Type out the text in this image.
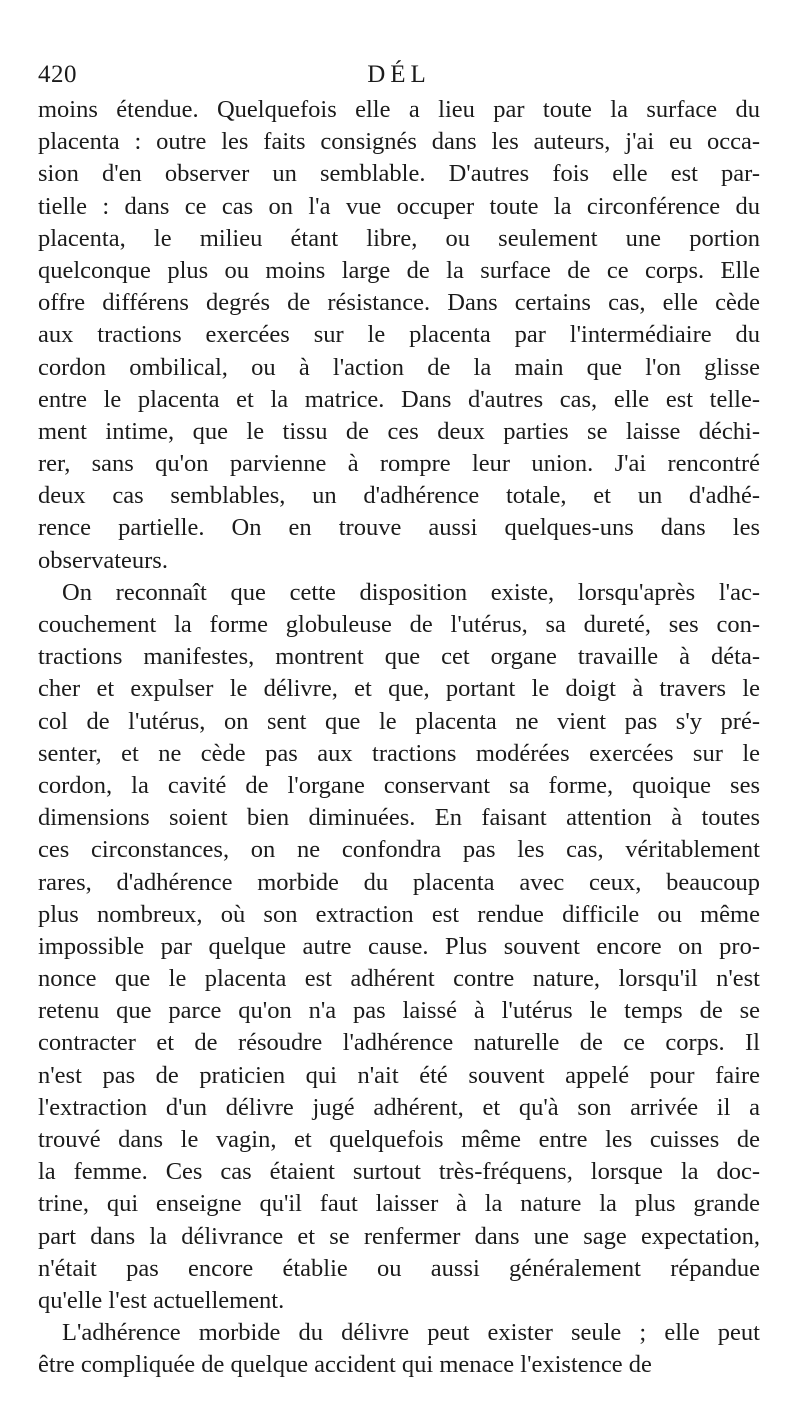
420	DÉL
moins étendue. Quelquefois elle a lieu par toute la surface du
placenta : outre les faits consignés dans les auteurs, j'ai eu occa-
sion d'en observer un semblable. D'autres fois elle est par-
tielle : dans ce cas on l'a vue occuper toute la circonférence du
placenta, le milieu étant libre, ou seulement une portion
quelconque plus ou moins large de la surface de ce corps. Elle
offre différens degrés de résistance. Dans certains cas, elle cède
aux tractions exercées sur le placenta par l'intermédiaire du
cordon ombilical, ou à l'action de la main que l'on glisse
entre le placenta et la matrice. Dans d'autres cas, elle est telle-
ment intime, que le tissu de ces deux parties se laisse déchi-
rer, sans qu'on parvienne à rompre leur union. J'ai rencontré
deux cas semblables, un d'adhérence totale, et un d'adhé-
rence partielle. On en trouve aussi quelques-uns dans les
observateurs.
On reconnaît que cette disposition existe, lorsqu'après l'ac-
couchement la forme globuleuse de l'utérus, sa dureté, ses con-
tractions manifestes, montrent que cet organe travaille à déta-
cher et expulser le délivre, et que, portant le doigt à travers le
col de l'utérus, on sent que le placenta ne vient pas s'y pré-
senter, et ne cède pas aux tractions modérées exercées sur le
cordon, la cavité de l'organe conservant sa forme, quoique ses
dimensions soient bien diminuées. En faisant attention à toutes
ces circonstances, on ne confondra pas les cas, véritablement
rares, d'adhérence morbide du placenta avec ceux, beaucoup
plus nombreux, où son extraction est rendue difficile ou même
impossible par quelque autre cause. Plus souvent encore on pro-
nonce que le placenta est adhérent contre nature, lorsqu'il n'est
retenu que parce qu'on n'a pas laissé à l'utérus le temps de se
contracter et de résoudre l'adhérence naturelle de ce corps. Il
n'est pas de praticien qui n'ait été souvent appelé pour faire
l'extraction d'un délivre jugé adhérent, et qu'à son arrivée il a
trouvé dans le vagin, et quelquefois même entre les cuisses de
la femme. Ces cas étaient surtout très-fréquens, lorsque la doc-
trine, qui enseigne qu'il faut laisser à la nature la plus grande
part dans la délivrance et se renfermer dans une sage expectation,
n'était pas encore établie ou aussi généralement répandue
qu'elle l'est actuellement.
L'adhérence morbide du délivre peut exister seule ; elle peut
être compliquée de quelque accident qui menace l'existence de
